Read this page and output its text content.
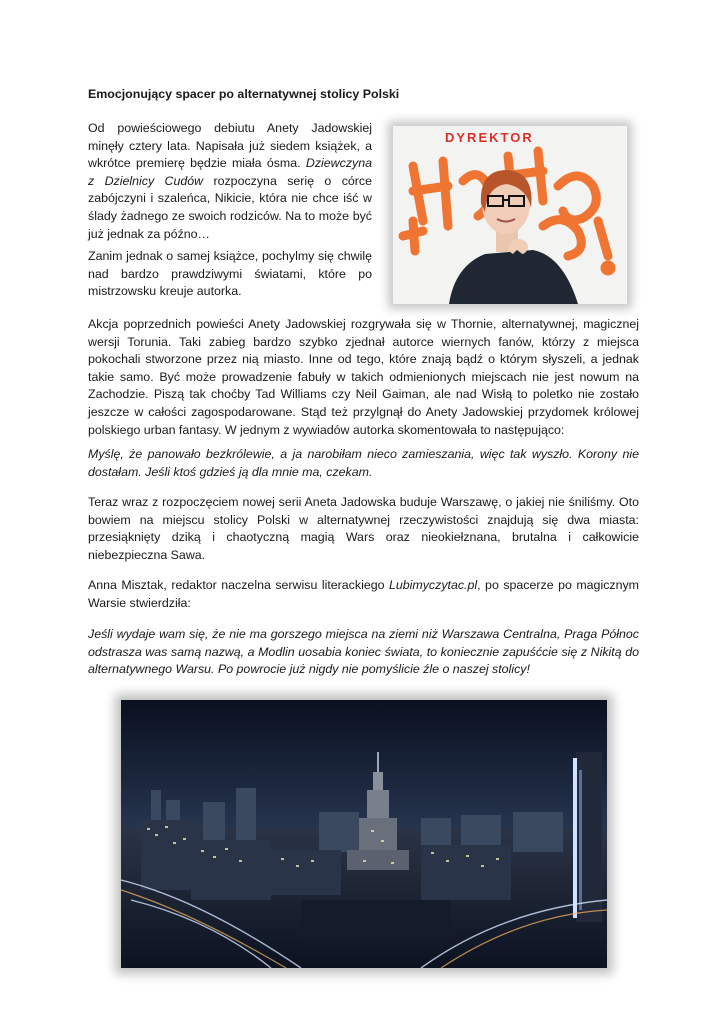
Emocjonujący spacer po alternatywnej stolicy Polski

Od powieściowego debiutu Anety Jadowskiej minęły cztery lata. Napisała już siedem książek, a wkrótce premierę będzie miała ósma. Dziewczyna z Dzielnicy Cudów rozpoczyna serię o córce zabójczyni i szaleńca, Nikicie, która nie chce iść w ślady żadnego ze swoich rodziców. Na to może być już jednak za późno…

Zanim jednak o samej książce, pochylmy się chwilę nad bardzo prawdziwymi światami, które po mistrzowsku kreuje autorka.

DYREKTOR

Akcja poprzednich powieści Anety Jadowskiej rozgrywała się w Thornie, alternatywnej, magicznej wersji Torunia. Taki zabieg bardzo szybko zjednał autorce wiernych fanów, którzy z miejsca pokochali stworzone przez nią miasto. Inne od tego, które znają bądź o którym słyszeli, a jednak takie samo. Być może prowadzenie fabuły w takich odmienionych miejscach nie jest nowum na Zachodzie. Piszą tak choćby Tad Williams czy Neil Gaiman, ale nad Wisłą to poletko nie zostało jeszcze w całości zagospodarowane. Stąd też przylgnął do Anety Jadowskiej przydomek królowej polskiego urban fantasy. W jednym z wywiadów autorka skomentowała to następująco:

Myślę, że panowało bezkrólewie, a ja narobiłam nieco zamieszania, więc tak wyszło. Korony nie dostałam. Jeśli ktoś gdzieś ją dla mnie ma, czekam.

Teraz wraz z rozpoczęciem nowej serii Aneta Jadowska buduje Warszawę, o jakiej nie śniliśmy. Oto bowiem na miejscu stolicy Polski w alternatywnej rzeczywistości znajdują się dwa miasta: przesiąknięty dziką i chaotyczną magią Wars oraz nieokiełznana, brutalna i całkowicie niebezpieczna Sawa.

Anna Misztak, redaktor naczelna serwisu literackiego Lubimyczytac.pl, po spacerze po magicznym Warsie stwierdziła:

Jeśli wydaje wam się, że nie ma gorszego miejsca na ziemi niż Warszawa Centralna, Praga Północ odstrasza was samą nazwą, a Modlin uosabia koniec świata, to koniecznie zapuśćcie się z Nikitą do alternatywnego Warsu. Po powrocie już nigdy nie pomyślicie źle o naszej stolicy!
